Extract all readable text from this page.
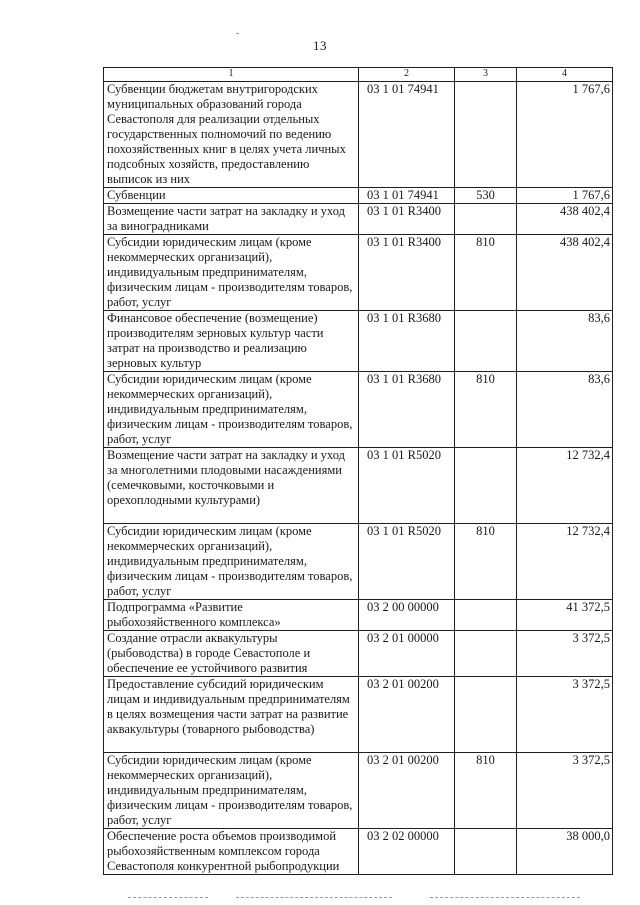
13
1	2	3	4
Субвенции бюджетам внутригородских муниципальных образований города Севастополя для реализации отдельных государственных полномочий по ведению похозяйственных книг в целях учета личных подсобных хозяйств, предоставлению выписок из них	03 1 01 74941		1 767,6
Субвенции	03 1 01 74941	530	1 767,6
Возмещение части затрат на закладку и уход за виноградниками	03 1 01 R3400		438 402,4
Субсидии юридическим лицам (кроме некоммерческих организаций), индивидуальным предпринимателям, физическим лицам - производителям товаров, работ, услуг	03 1 01 R3400	810	438 402,4
Финансовое обеспечение (возмещение) производителям зерновых культур части затрат на производство и реализацию зерновых культур	03 1 01 R3680		83,6
Субсидии юридическим лицам (кроме некоммерческих организаций), индивидуальным предпринимателям, физическим лицам - производителям товаров, работ, услуг	03 1 01 R3680	810	83,6
Возмещение части затрат на закладку и уход за многолетними плодовыми насаждениями (семечковыми, косточковыми и орехоплодными культурами)	03 1 01 R5020		12 732,4
Субсидии юридическим лицам (кроме некоммерческих организаций), индивидуальным предпринимателям, физическим лицам - производителям товаров, работ, услуг	03 1 01 R5020	810	12 732,4
Подпрограмма «Развитие рыбохозяйственного комплекса»	03 2 00 00000		41 372,5
Создание отрасли аквакультуры (рыбоводства) в городе Севастополе и обеспечение ее устойчивого развития	03 2 01 00000		3 372,5
Предоставление субсидий юридическим лицам и индивидуальным предпринимателям в целях возмещения части затрат на развитие аквакультуры (товарного рыбоводства)	03 2 01 00200		3 372,5
Субсидии юридическим лицам (кроме некоммерческих организаций), индивидуальным предпринимателям, физическим лицам - производителям товаров, работ, услуг	03 2 01 00200	810	3 372,5
Обеспечение роста объемов производимой рыбохозяйственным комплексом города Севастополя конкурентной рыбопродукции	03 2 02 00000		38 000,0
